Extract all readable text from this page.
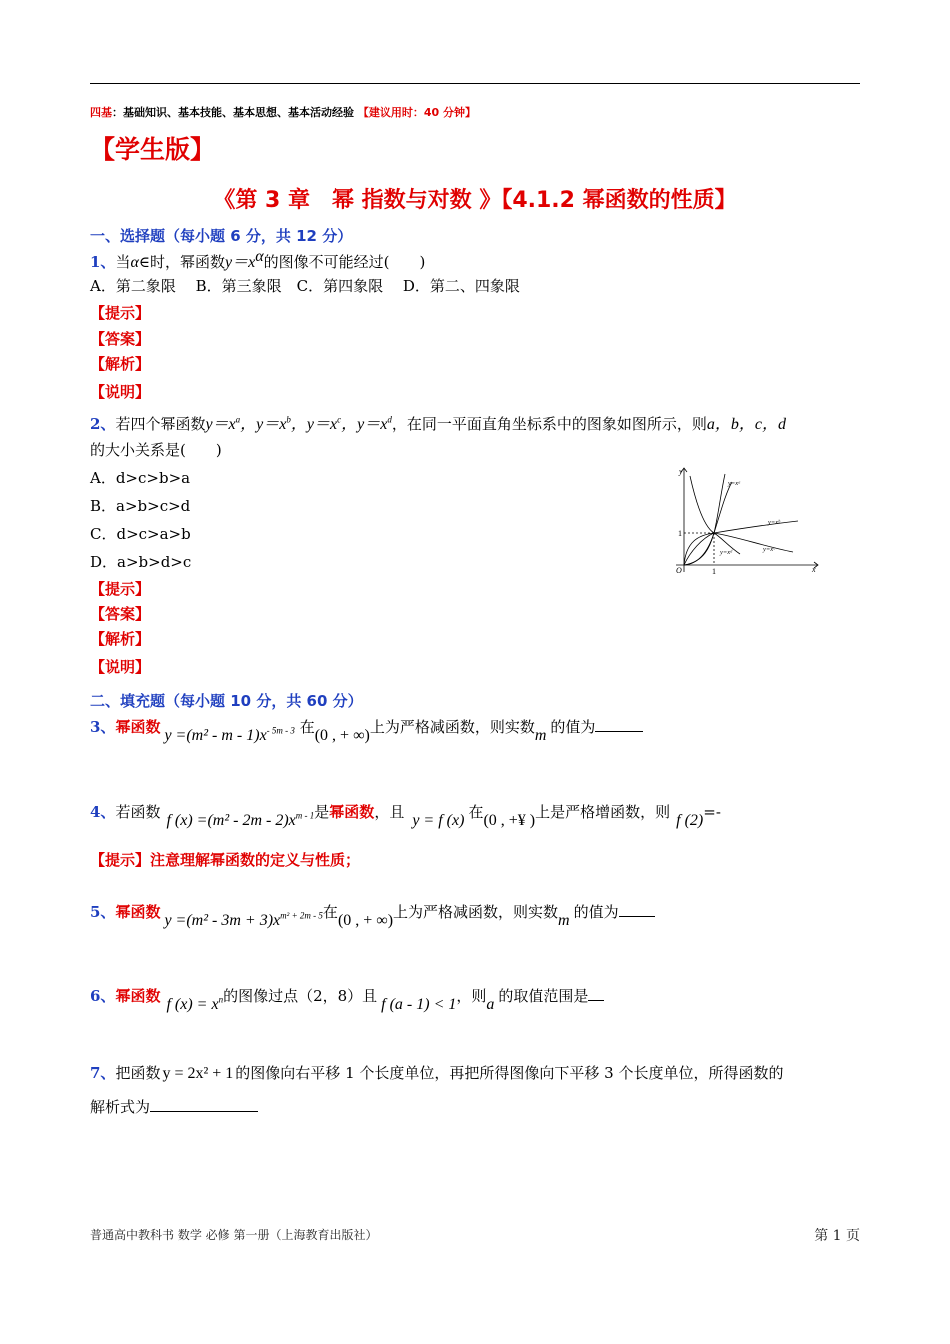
四基：基础知识、基本技能、基本思想、基本活动经验 【建议用时：40 分钟】
【学生版】
《第 3 章　幂 指数与对数 》【4.1.2 幂函数的性质】
一、选择题（每小题 6 分，共 12 分）
1、当α∈时，幂函数$y=x^\alpha$的图像不可能经过(　　)
A．第二象限　 B．第三象限　C．第四象限　 D．第二、四象限
【提示】
【答案】
【解析】
【说明】
2、若四个幂函数$y=x^a$，$y=x^b$，$y=x^c$，$y=x^d$，在同一平面直角坐标系中的图象如图所示，则a，b，c，d
的大小关系是(　　)
A．d>c>b>a
B．a>b>c>d
C．d>c>a>b
D．a>b>d>c
【提示】
【答案】
【解析】
【说明】
y
x
O	1
1
y=xᵃ
y=xᵇ
y=xᶜ
y=xᵈ
二、填充题（每小题 10 分，共 60 分）
3、幂函数 $y =(m^2 - m - 1)x^{- 5m - 3}$ 在(0 , + ∞)上为严格减函数，则实数m 的值为
4、若函数 f $(x) =(m^2 - 2m - 2)x^{m - 1}$是幂函数，且 y = f (x) 在(0 , +¥ )上是严格增函数，则 f (2)=-
【提示】注意理解幂函数的定义与性质；
5、幂函数 $y =(m^2 - 3m + 3)x^{m^2 + 2m - 5}$在(0 , + ∞)上为严格减函数，则实数m 的值为
6、幂函数 f $(x) = x^n$的图像过点（2，8）且 f (a - 1) < 1，则a 的取值范围是
7、把函数 y = 2x² + 1 的图像向右平移 1 个长度单位，再把所得图像向下平移 3 个长度单位，所得函数的
解析式为
普通高中教科书 数学 必修 第一册（上海教育出版社）	第 1 页
